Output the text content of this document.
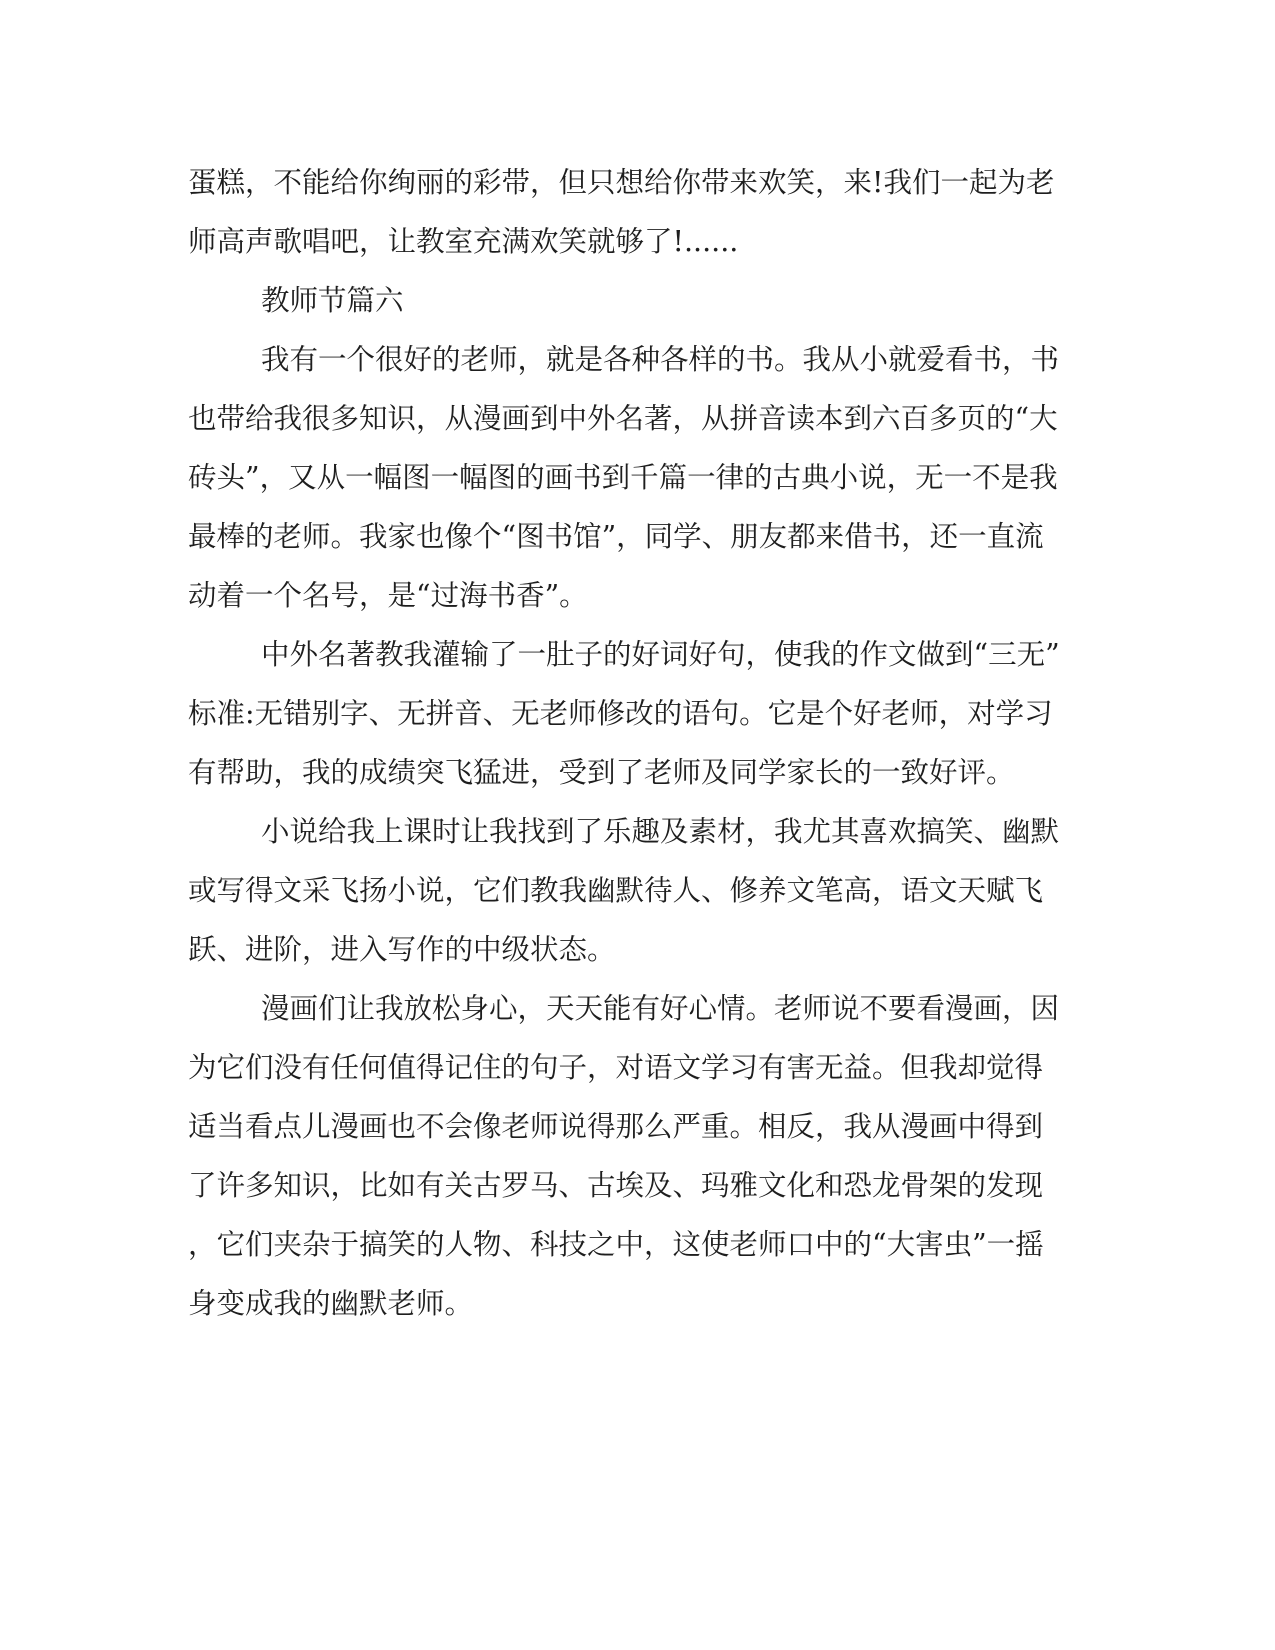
蛋糕，不能给你绚丽的彩带，但只想给你带来欢笑，来!我们一起为老

师高声歌唱吧，让教室充满欢笑就够了!......

教师节篇六

我有一个很好的老师，就是各种各样的书。我从小就爱看书，书

也带给我很多知识，从漫画到中外名著，从拼音读本到六百多页的“大

砖头”，又从一幅图一幅图的画书到千篇一律的古典小说，无一不是我

最棒的老师。我家也像个“图书馆”，同学、朋友都来借书，还一直流

动着一个名号，是“过海书香”。

中外名著教我灌输了一肚子的好词好句，使我的作文做到“三无”

标准:无错别字、无拼音、无老师修改的语句。它是个好老师，对学习

有帮助，我的成绩突飞猛进，受到了老师及同学家长的一致好评。

小说给我上课时让我找到了乐趣及素材，我尤其喜欢搞笑、幽默

或写得文采飞扬小说，它们教我幽默待人、修养文笔高，语文天赋飞

跃、进阶，进入写作的中级状态。

漫画们让我放松身心，天天能有好心情。老师说不要看漫画，因

为它们没有任何值得记住的句子，对语文学习有害无益。但我却觉得

适当看点儿漫画也不会像老师说得那么严重。相反，我从漫画中得到

了许多知识，比如有关古罗马、古埃及、玛雅文化和恐龙骨架的发现

，它们夹杂于搞笑的人物、科技之中，这使老师口中的“大害虫”一摇

身变成我的幽默老师。
